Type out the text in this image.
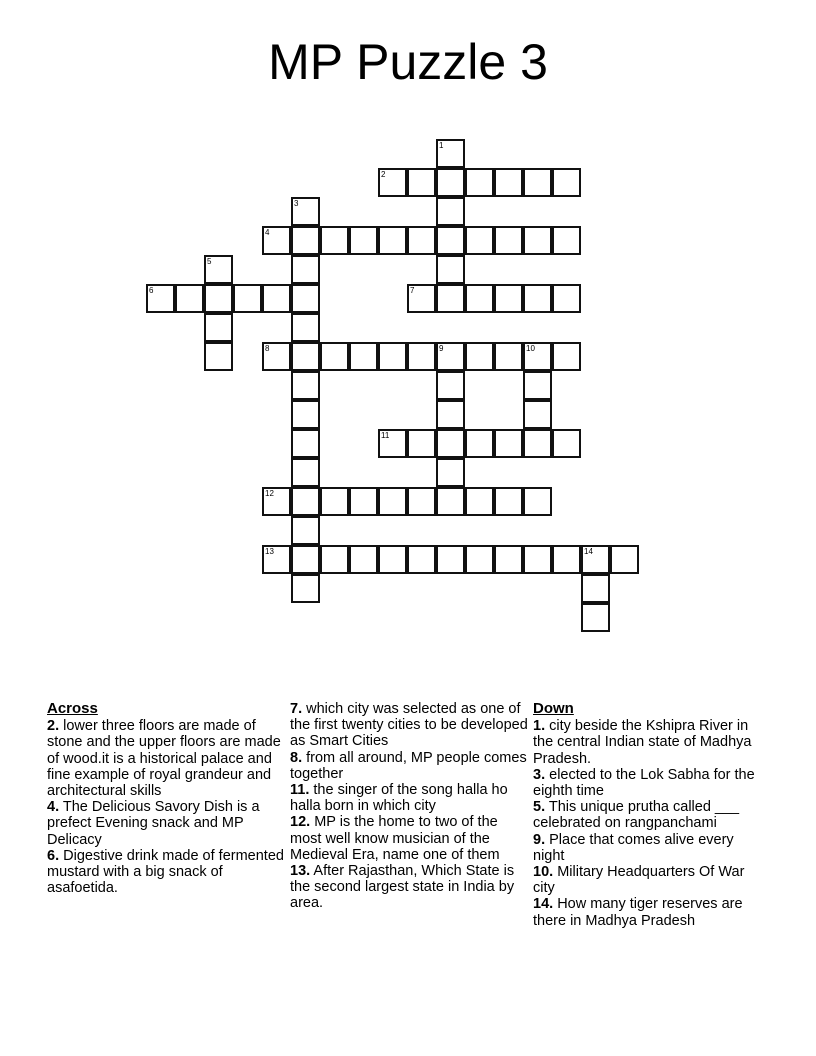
MP Puzzle 3
1
2
3
4
5
6	7
8	9	10
11
12
13	14
Across
2. lower three floors are made of stone and the upper floors are made of wood.it is a historical palace and fine example of royal grandeur and architectural skills
4. The Delicious Savory Dish is a prefect Evening snack and MP Delicacy
6. Digestive drink made of fermented mustard with a big snack of asafoetida.
7. which city was selected as one of the first twenty cities to be developed as Smart Cities
8. from all around, MP people comes together
11. the singer of the song halla ho halla born in which city
12. MP is the home to two of the most well know musician of the Medieval Era, name one of them
13. After Rajasthan, Which State is the second largest state in India by area.
Down
1. city beside the Kshipra River in the central Indian state of Madhya Pradesh.
3. elected to the Lok Sabha for the eighth time
5. This unique prutha called ___ celebrated on rangpanchami
9. Place that comes alive every night
10. Military Headquarters Of War city
14. How many tiger reserves are there in Madhya Pradesh
